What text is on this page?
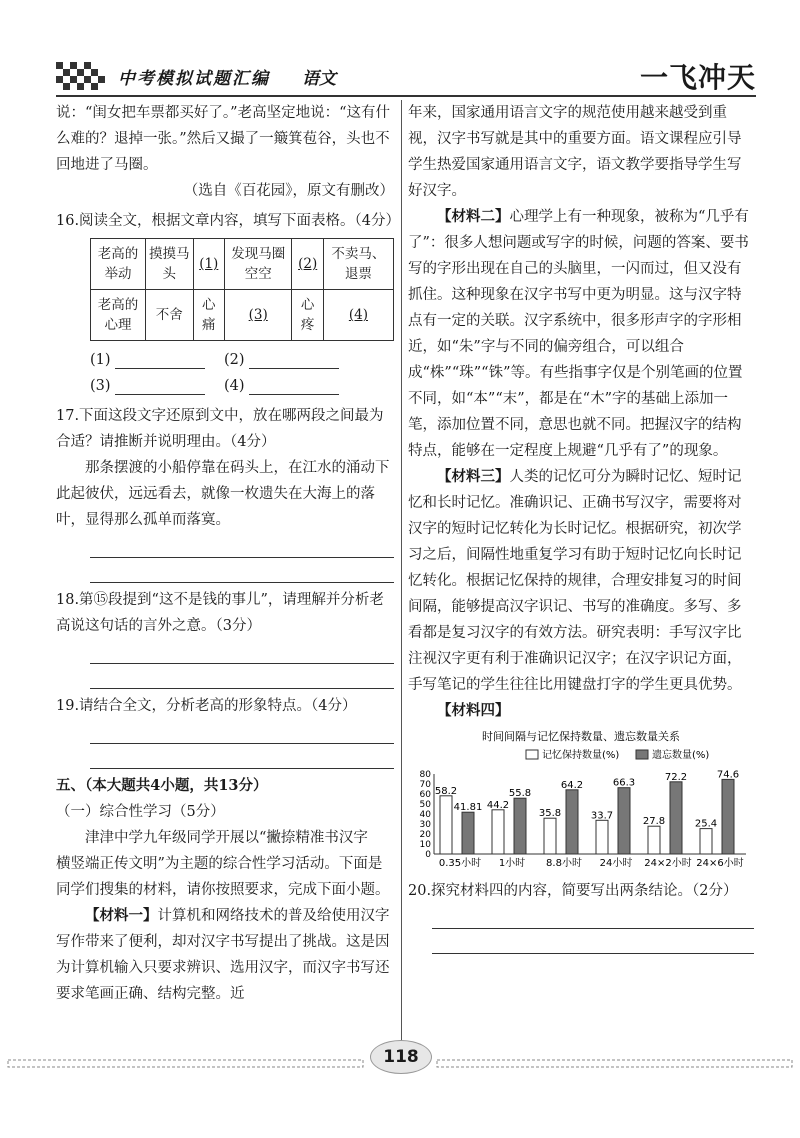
中考模拟试题汇编 语文	一飞冲天

说：“闺女把车票都买好了。”老高坚定地说：“这有什么难的？退掉一张。”然后又撮了一簸箕苞谷，头也不回地进了马圈。

（选自《百花园》，原文有删改）

16.阅读全文，根据文章内容，填写下面表格。（4分）

老高的举动	摸摸马头	(1)	发现马圈空空	(2)	不卖马、退票
老高的心理	不舍	心痛	(3)	心疼	(4)
(1)	(2)
(3)	(4)

17.下面这段文字还原到文中，放在哪两段之间最为合适？请推断并说明理由。（4分）

那条摆渡的小船停靠在码头上，在江水的涌动下此起彼伏，远远看去，就像一枚遗失在大海上的落叶，显得那么孤单而落寞。

18.第⑮段提到“这不是钱的事儿”，请理解并分析老高说这句话的言外之意。（3分）

19.请结合全文，分析老高的形象特点。（4分）

五、（本大题共4小题，共13分）

（一）综合性学习（5分）

津津中学九年级同学开展以“撇捺精准书汉字　横竖端正传文明”为主题的综合性学习活动。下面是同学们搜集的材料，请你按照要求，完成下面小题。

【材料一】计算机和网络技术的普及给使用汉字写作带来了便利，却对汉字书写提出了挑战。这是因为计算机输入只要求辨识、选用汉字，而汉字书写还要求笔画正确、结构完整。近

年来，国家通用语言文字的规范使用越来越受到重视，汉字书写就是其中的重要方面。语文课程应引导学生热爱国家通用语言文字，语文教学要指导学生写好汉字。

【材料二】心理学上有一种现象，被称为“几乎有了”：很多人想问题或写字的时候，问题的答案、要书写的字形出现在自己的头脑里，一闪而过，但又没有抓住。这种现象在汉字书写中更为明显。这与汉字特点有一定的关联。汉字系统中，很多形声字的字形相近，如“朱”字与不同的偏旁组合，可以组合成“株”“珠”“铢”等。有些指事字仅是个别笔画的位置不同，如“本”“末”，都是在“木”字的基础上添加一笔，添加位置不同，意思也就不同。把握汉字的结构特点，能够在一定程度上规避“几乎有了”的现象。

【材料三】人类的记忆可分为瞬时记忆、短时记忆和长时记忆。准确识记、正确书写汉字，需要将对汉字的短时记忆转化为长时记忆。根据研究，初次学习之后，间隔性地重复学习有助于短时记忆向长时记忆转化。根据记忆保持的规律，合理安排复习的时间间隔，能够提高汉字识记、书写的准确度。多写、多看都是复习汉字的有效方法。研究表明：手写汉字比注视汉字更有利于准确识记汉字；在汉字识记方面，手写笔记的学生往往比用键盘打字的学生更具优势。

【材料四】

时间间隔与记忆保持数量、遗忘数量关系
记忆保持数量(%)	遗忘数量(%)
0
10
20
30
40
50
60
70
80
58.2
41.81
0.35小时
44.2
55.8
1小时
35.8
64.2
8.8小时
33.7
66.3
24小时
27.8
72.2
24×2小时
25.4
74.6
24×6小时

20.探究材料四的内容，简要写出两条结论。（2分）

118
